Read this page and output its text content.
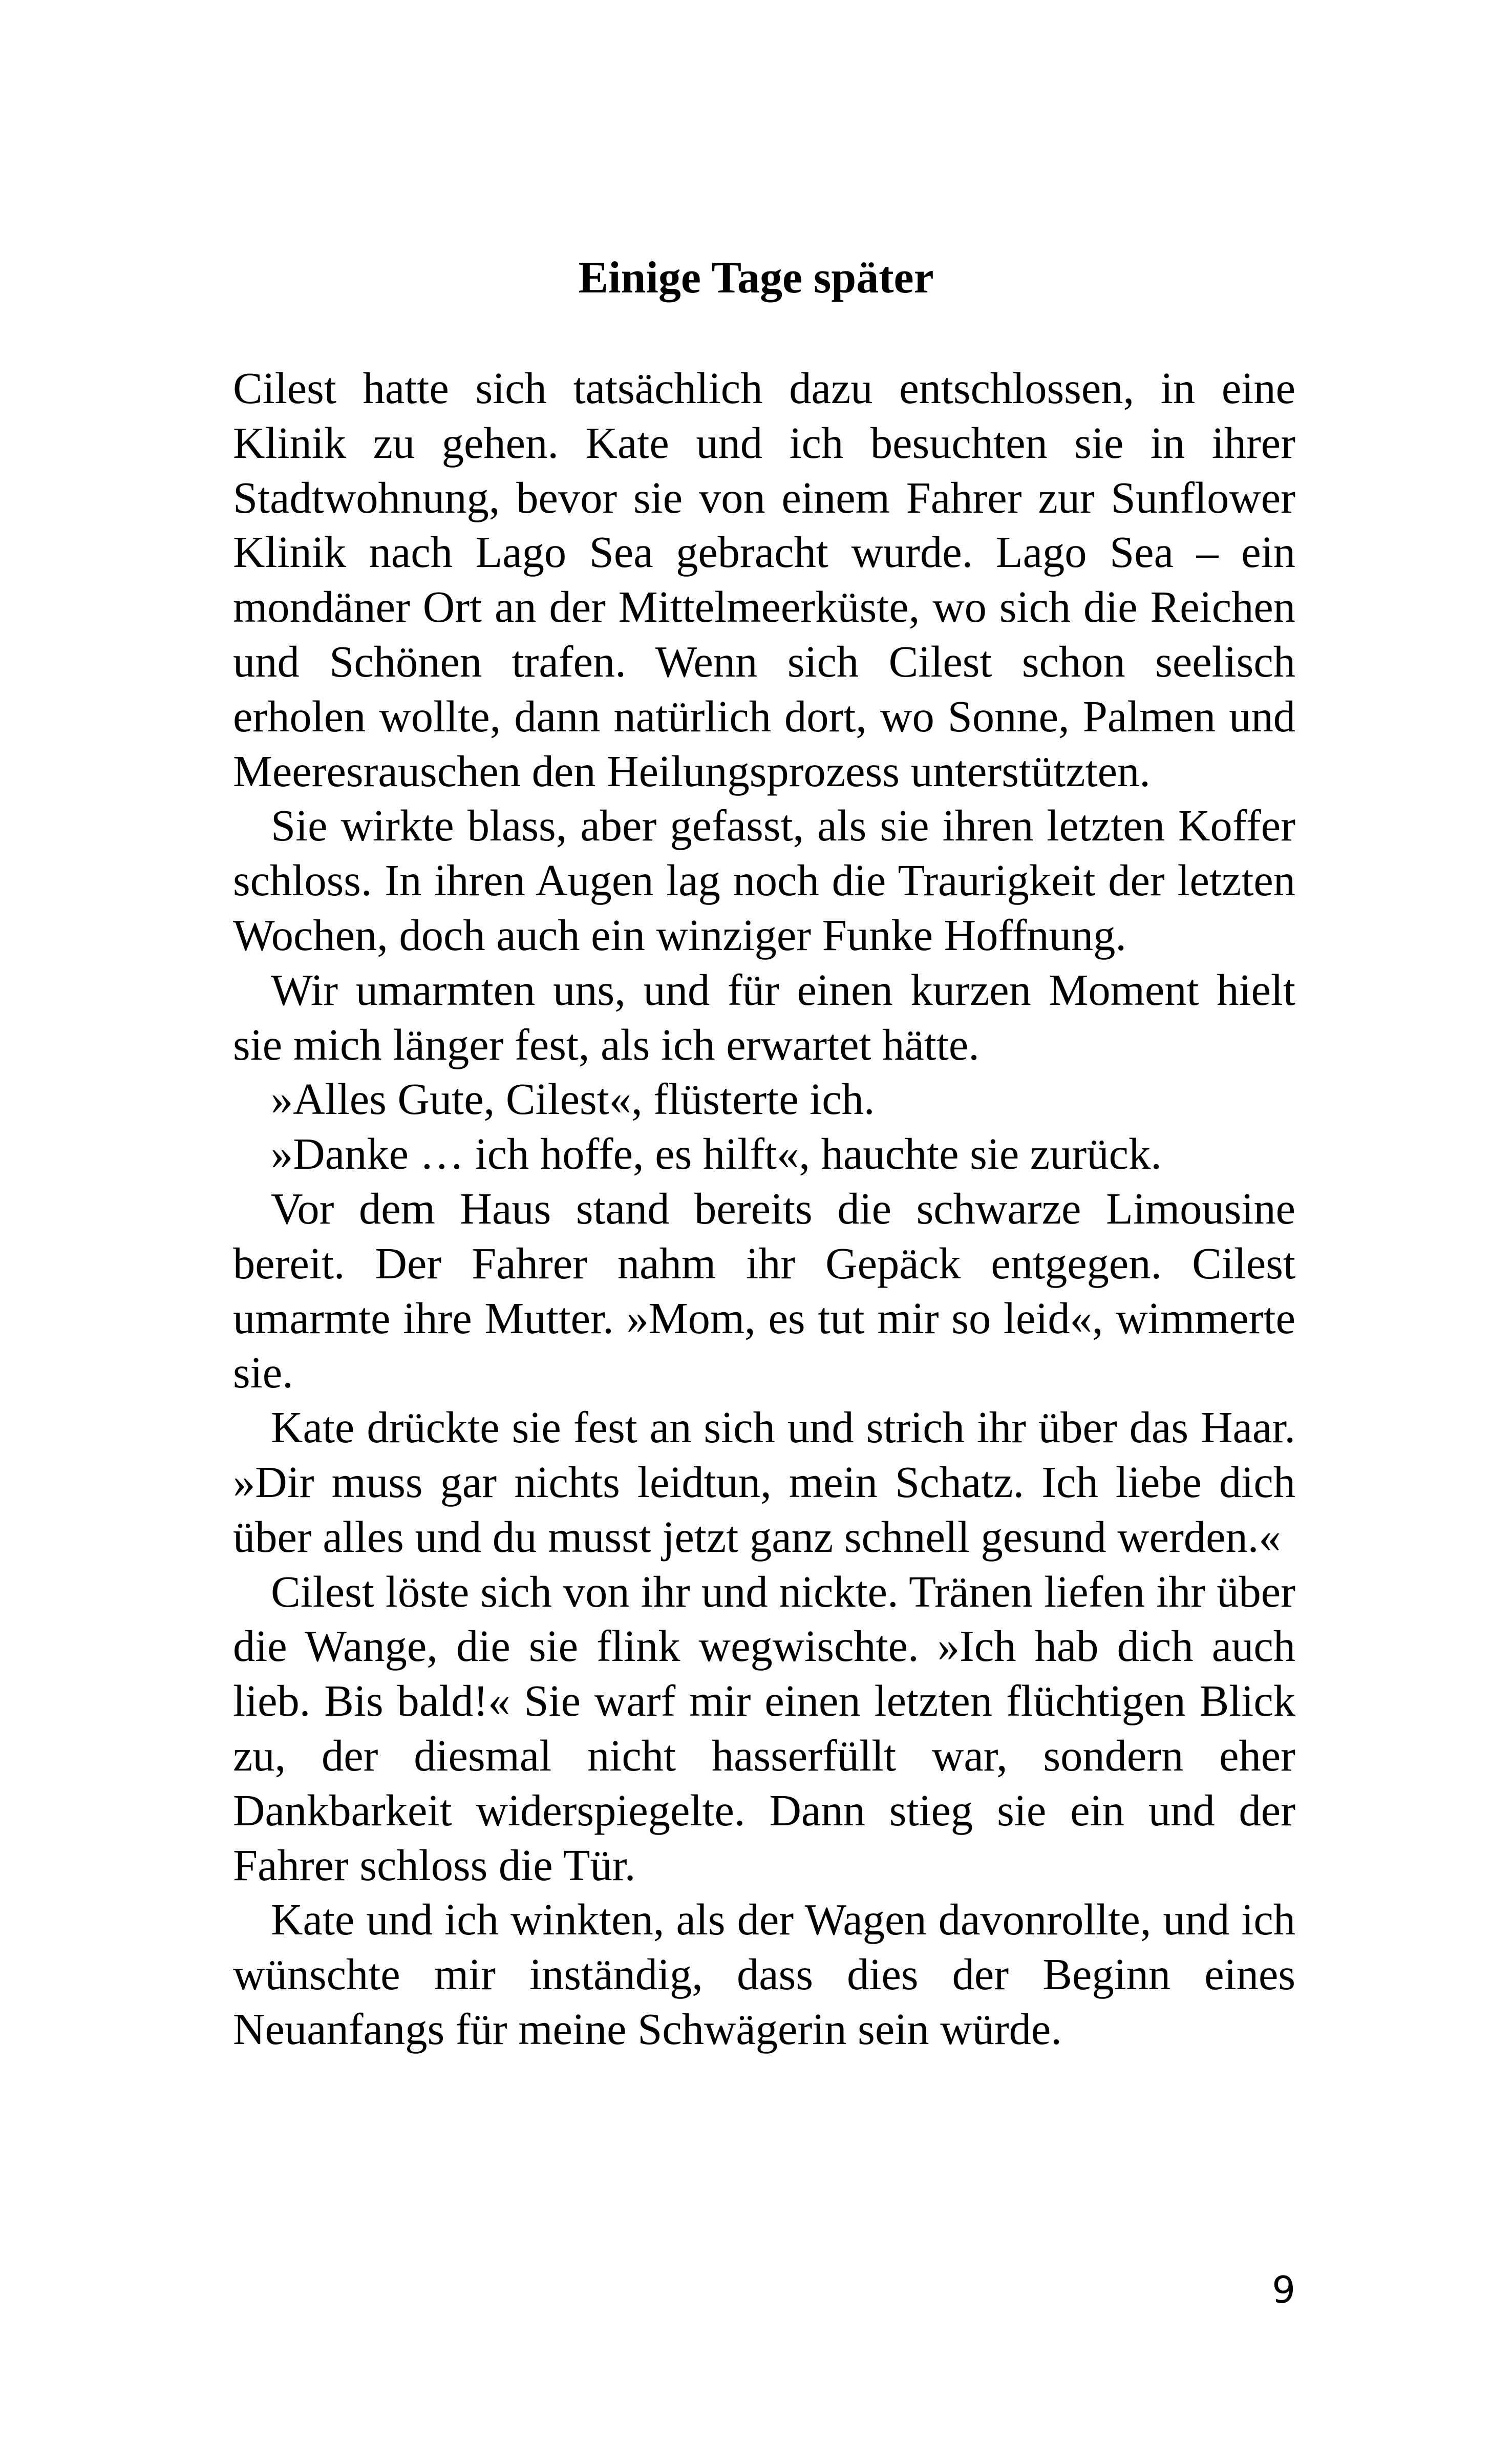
Einige Tage später

Cilest hatte sich tatsächlich dazu entschlossen, in eine Klinik zu gehen. Kate und ich besuchten sie in ihrer Stadtwohnung, bevor sie von einem Fahrer zur Sunflower Klinik nach Lago Sea gebracht wurde. Lago Sea – ein mondäner Ort an der Mittelmeerküste, wo sich die Reichen und Schönen trafen. Wenn sich Cilest schon seelisch erholen wollte, dann natürlich dort, wo Sonne, Palmen und Meeresrauschen den Heilungsprozess unterstützten.

Sie wirkte blass, aber gefasst, als sie ihren letzten Koffer schloss. In ihren Augen lag noch die Traurigkeit der letzten Wochen, doch auch ein winziger Funke Hoffnung.

Wir umarmten uns, und für einen kurzen Moment hielt sie mich länger fest, als ich erwartet hätte.

»Alles Gute, Cilest«, flüsterte ich.

»Danke … ich hoffe, es hilft«, hauchte sie zurück.

Vor dem Haus stand bereits die schwarze Limousine bereit. Der Fahrer nahm ihr Gepäck entgegen. Cilest umarmte ihre Mutter. »Mom, es tut mir so leid«, wimmerte sie.

Kate drückte sie fest an sich und strich ihr über das Haar. »Dir muss gar nichts leidtun, mein Schatz. Ich liebe dich über alles und du musst jetzt ganz schnell gesund werden.«

Cilest löste sich von ihr und nickte. Tränen liefen ihr über die Wange, die sie flink wegwischte. »Ich hab dich auch lieb. Bis bald!« Sie warf mir einen letzten flüchtigen Blick zu, der diesmal nicht hasserfüllt war, sondern eher Dankbarkeit widerspiegelte. Dann stieg sie ein und der Fahrer schloss die Tür.

Kate und ich winkten, als der Wagen davonrollte, und ich wünschte mir inständig, dass dies der Beginn eines Neuanfangs für meine Schwägerin sein würde.

9
